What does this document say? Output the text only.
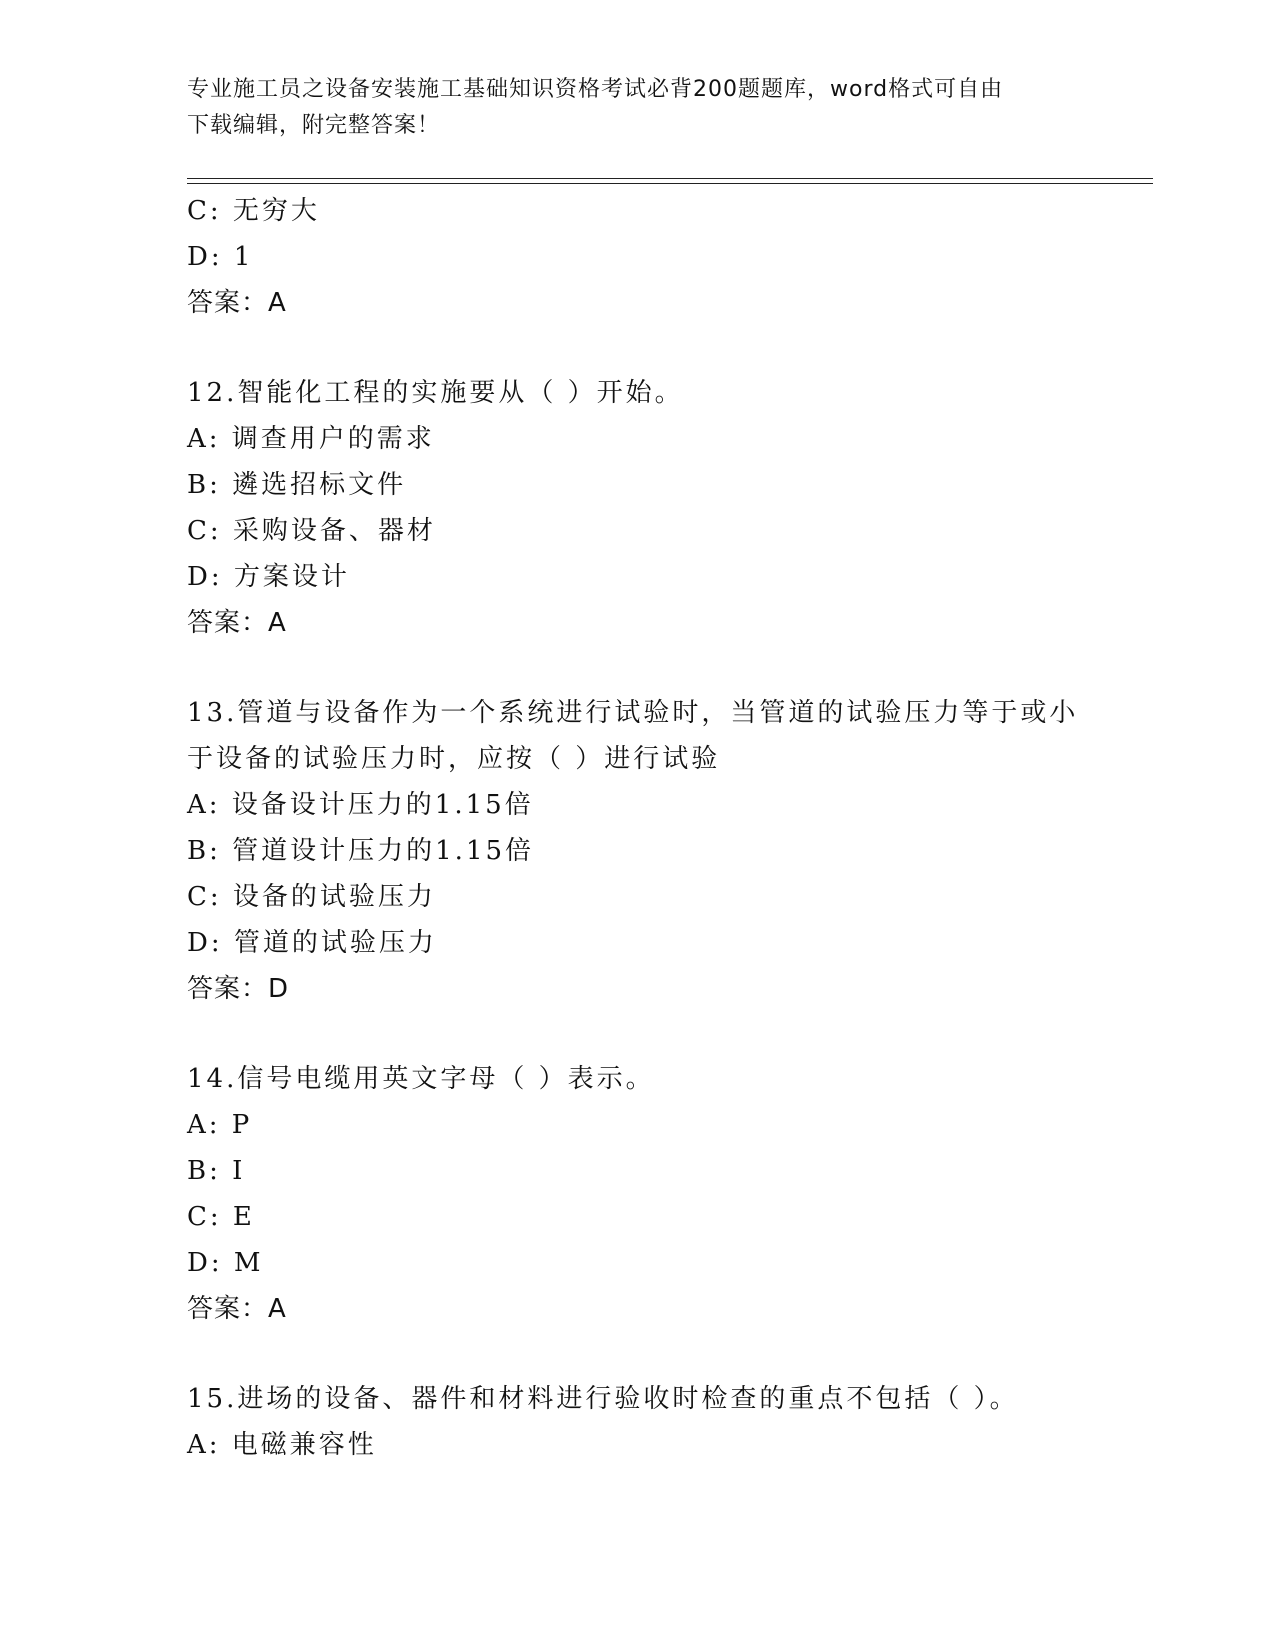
专业施工员之设备安装施工基础知识资格考试必背200题题库，word格式可自由
下载编辑，附完整答案！
C: 无穷大
D: 1
答案：A
12.智能化工程的实施要从（ ）开始。
A: 调查用户的需求
B: 遴选招标文件
C: 采购设备、器材
D: 方案设计
答案：A
13.管道与设备作为一个系统进行试验时，当管道的试验压力等于或小
于设备的试验压力时，应按（ ）进行试验
A: 设备设计压力的1.15倍
B: 管道设计压力的1.15倍
C: 设备的试验压力
D: 管道的试验压力
答案：D
14.信号电缆用英文字母（ ）表示。
A: P
B: I
C: E
D: M
答案：A
15.进场的设备、器件和材料进行验收时检查的重点不包括（ ）。
A: 电磁兼容性
